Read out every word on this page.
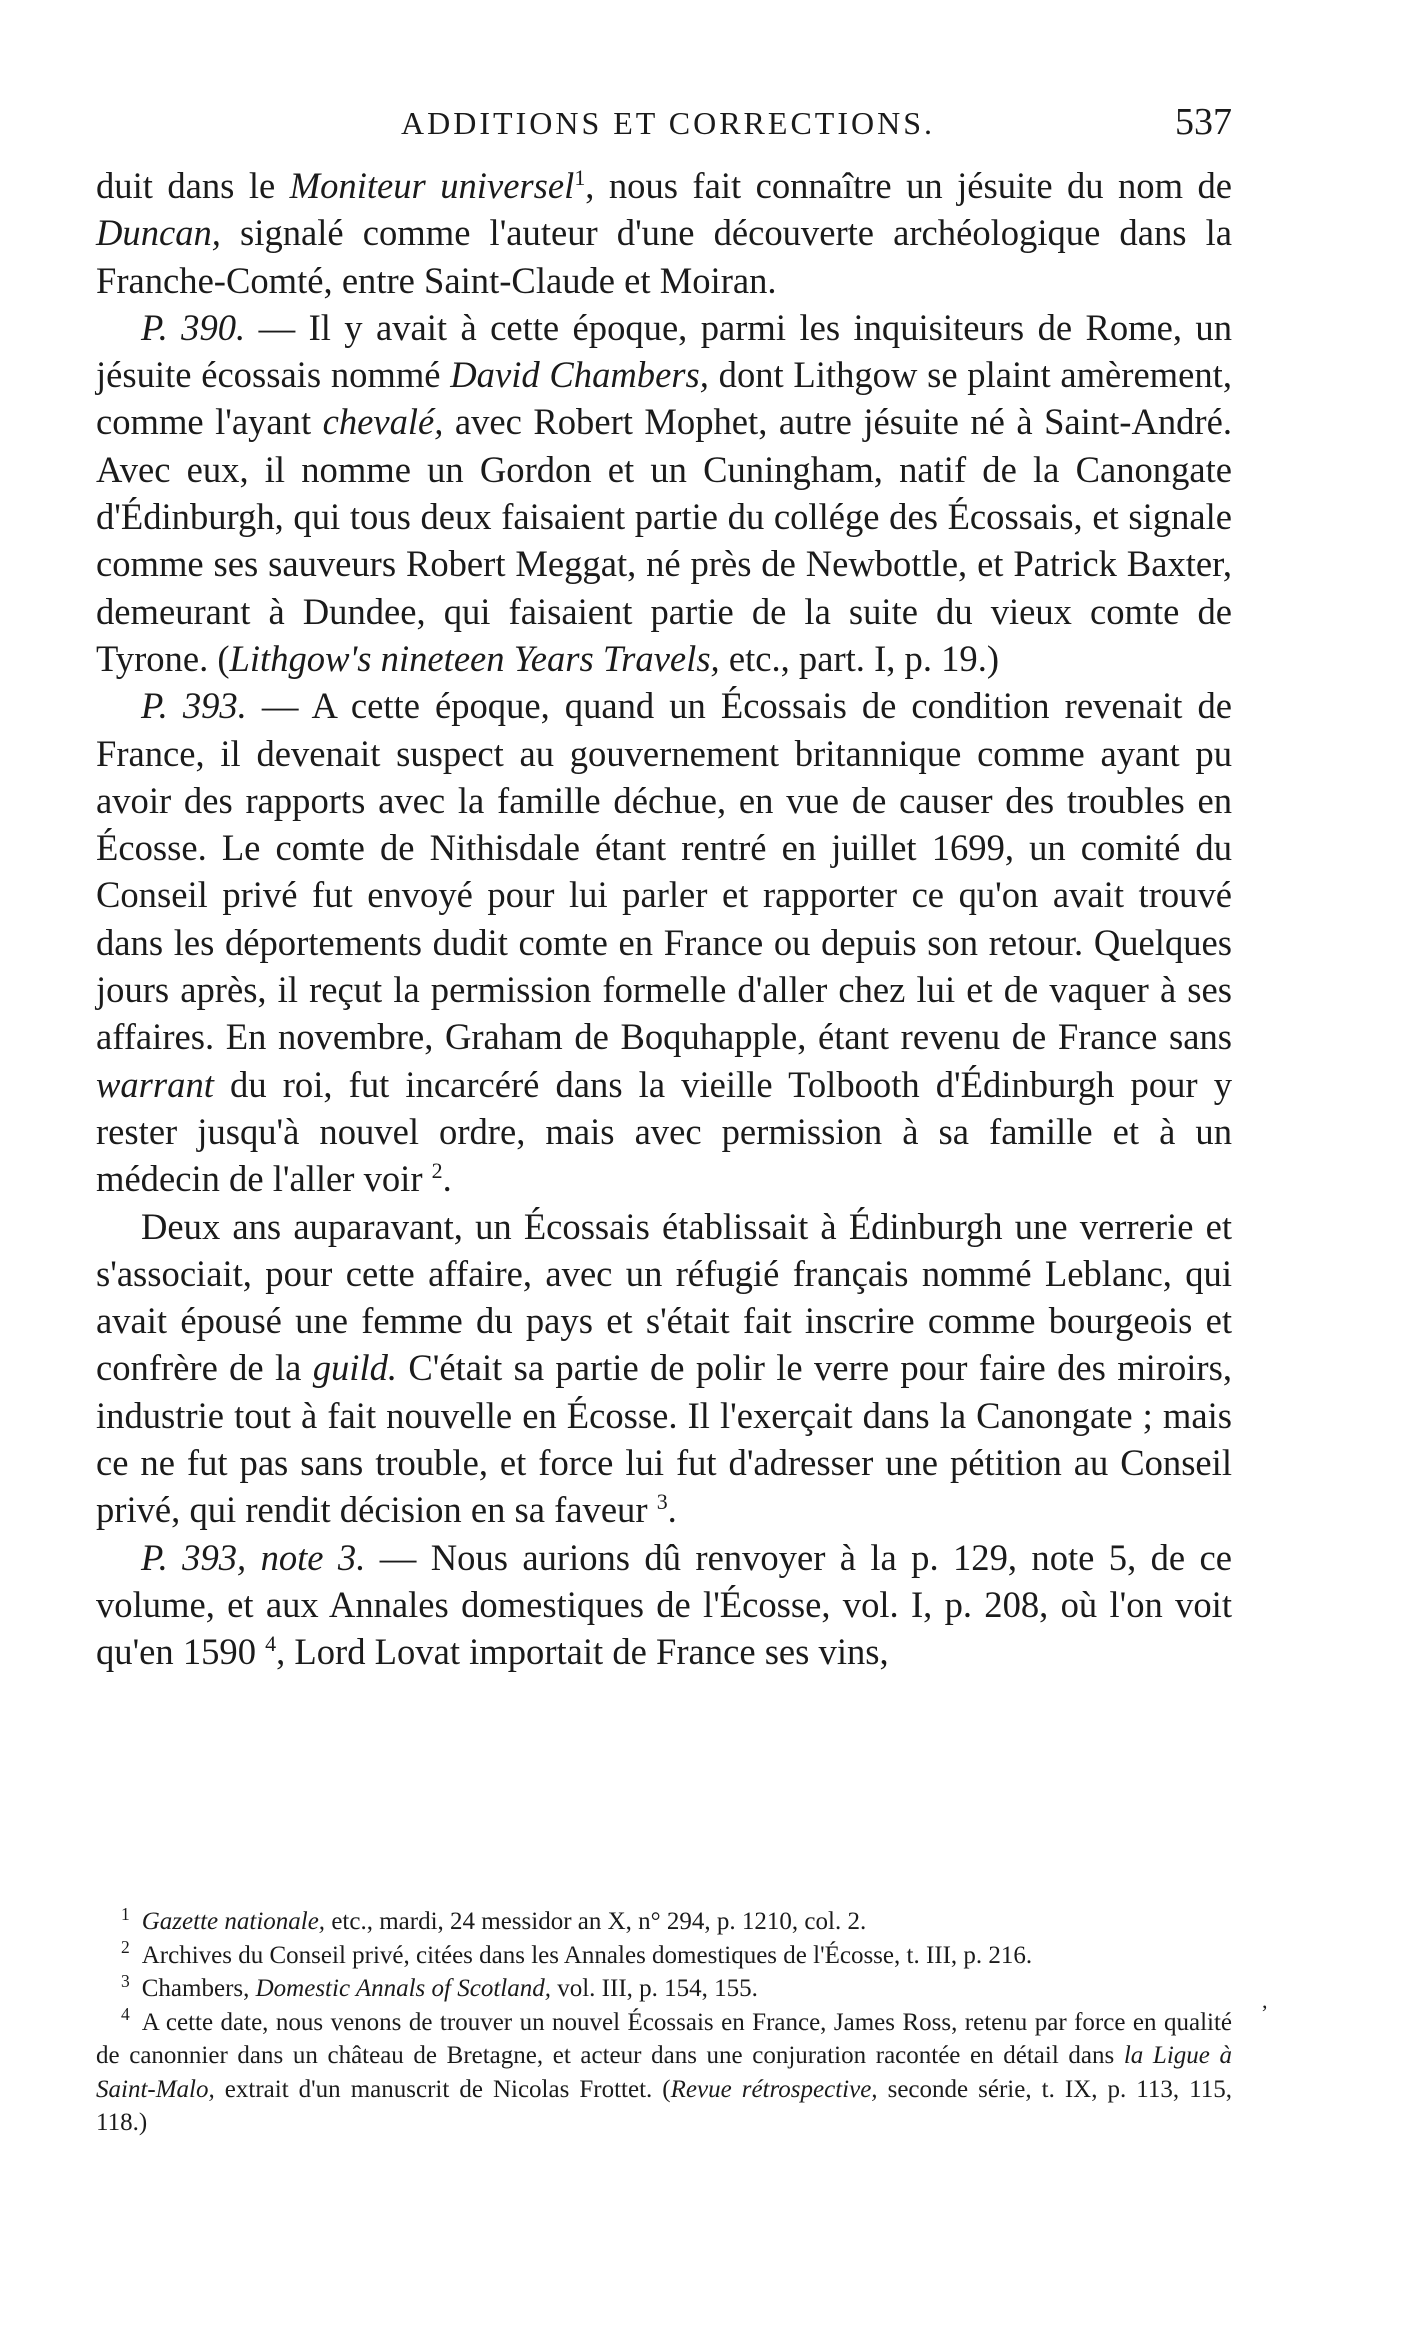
ADDITIONS ET CORRECTIONS.	537

duit dans le Moniteur universel$^1$, nous fait connaître un jésuite du nom de Duncan, signalé comme l'auteur d'une découverte archéologique dans la Franche-Comté, entre Saint-Claude et Moiran.

P. 390. — Il y avait à cette époque, parmi les inquisiteurs de Rome, un jésuite écossais nommé David Chambers, dont Lithgow se plaint amèrement, comme l'ayant chevalé, avec Robert Mophet, autre jésuite né à Saint-André. Avec eux, il nomme un Gordon et un Cuningham, natif de la Canongate d'Édinburgh, qui tous deux faisaient partie du collége des Écossais, et signale comme ses sauveurs Robert Meggat, né près de Newbottle, et Patrick Baxter, demeurant à Dundee, qui faisaient partie de la suite du vieux comte de Tyrone. (Lithgow's nineteen Years Travels, etc., part. I, p. 19.)

P. 393. — A cette époque, quand un Écossais de condition revenait de France, il devenait suspect au gouvernement britannique comme ayant pu avoir des rapports avec la famille déchue, en vue de causer des troubles en Écosse. Le comte de Nithisdale étant rentré en juillet 1699, un comité du Conseil privé fut envoyé pour lui parler et rapporter ce qu'on avait trouvé dans les déportements dudit comte en France ou depuis son retour. Quelques jours après, il reçut la permission formelle d'aller chez lui et de vaquer à ses affaires. En novembre, Graham de Boquhapple, étant revenu de France sans warrant du roi, fut incarcéré dans la vieille Tolbooth d'Édinburgh pour y rester jusqu'à nouvel ordre, mais avec permission à sa famille et à un médecin de l'aller voir $^2$.

Deux ans auparavant, un Écossais établissait à Édinburgh une verrerie et s'associait, pour cette affaire, avec un réfugié français nommé Leblanc, qui avait épousé une femme du pays et s'était fait inscrire comme bourgeois et confrère de la guild. C'était sa partie de polir le verre pour faire des miroirs, industrie tout à fait nouvelle en Écosse. Il l'exerçait dans la Canongate ; mais ce ne fut pas sans trouble, et force lui fut d'adresser une pétition au Conseil privé, qui rendit décision en sa faveur $^3$.

P. 393, note 3. — Nous aurions dû renvoyer à la p. 129, note 5, de ce volume, et aux Annales domestiques de l'Écosse, vol. I, p. 208, où l'on voit qu'en 1590 $^4$, Lord Lovat importait de France ses vins,

$^1$ Gazette nationale, etc., mardi, 24 messidor an X, n° 294, p. 1210, col. 2.

$^2$ Archives du Conseil privé, citées dans les Annales domestiques de l'Écosse, t. III, p. 216.

$^3$ Chambers, Domestic Annals of Scotland, vol. III, p. 154, 155.

$^4$ A cette date, nous venons de trouver un nouvel Écossais en France, James Ross, retenu par force en qualité de canonnier dans un château de Bretagne, et acteur dans une conjuration racontée en détail dans la Ligue à Saint-Malo, extrait d'un manuscrit de Nicolas Frottet. (Revue rétrospective, seconde série, t. IX, p. 113, 115, 118.)

,
